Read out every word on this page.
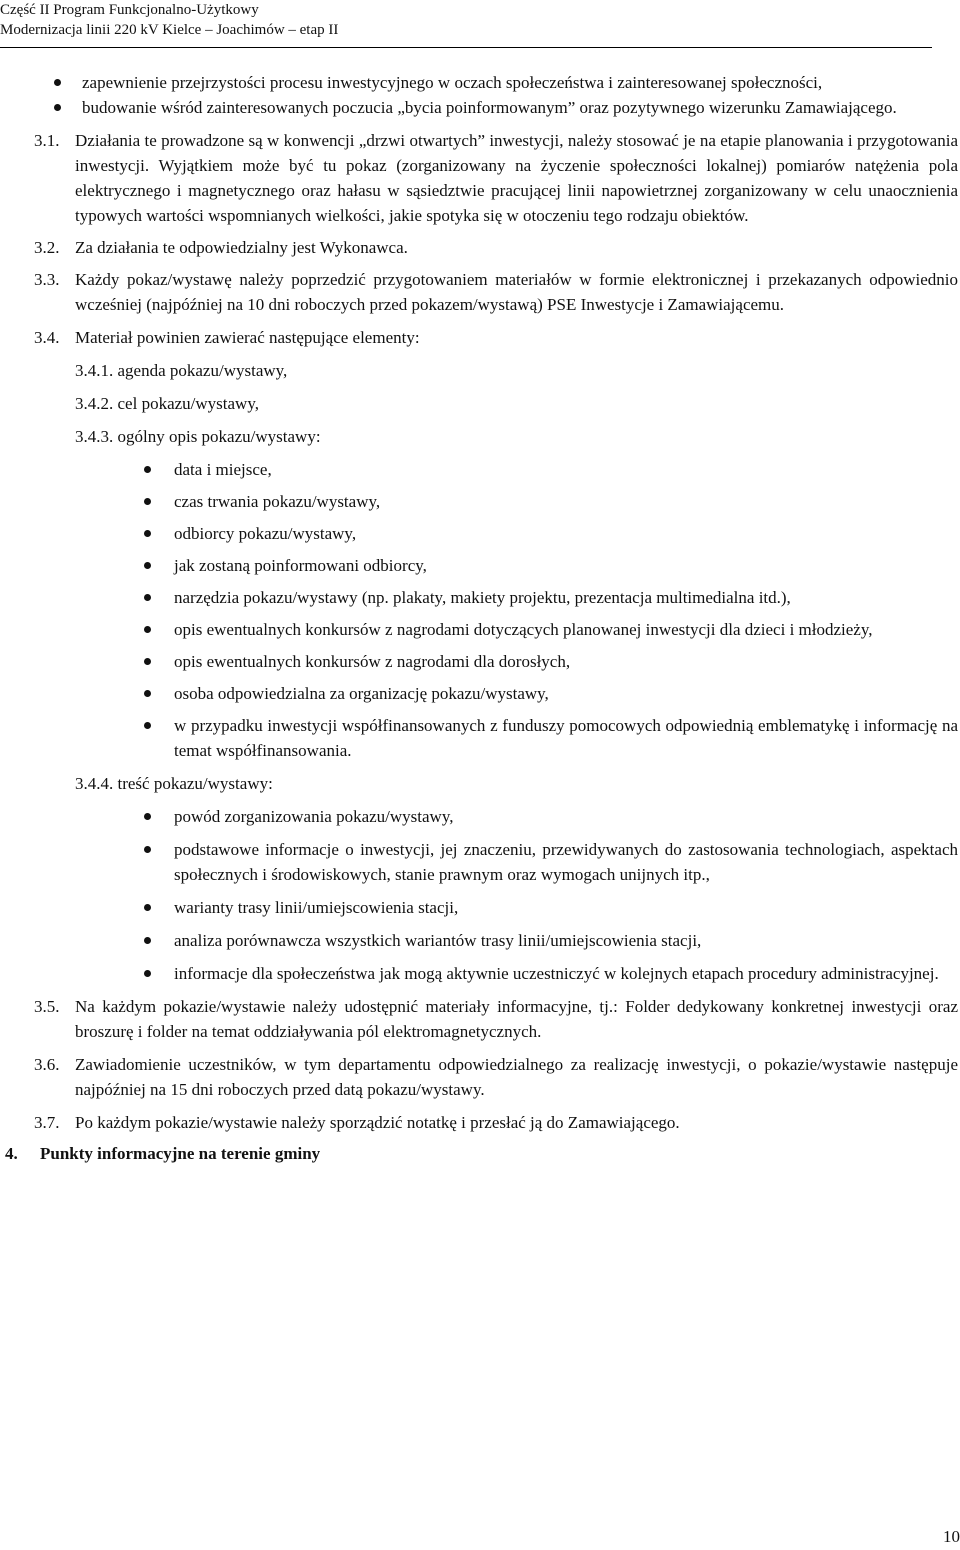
Część II Program Funkcjonalno-Użytkowy
Modernizacja linii 220 kV Kielce – Joachimów – etap II
zapewnienie przejrzystości procesu inwestycyjnego w oczach społeczeństwa i zainteresowanej społeczności,
budowanie wśród zainteresowanych poczucia „bycia poinformowanym” oraz pozytywnego wizerunku Zamawiającego.
3.1. Działania te prowadzone są w konwencji „drzwi otwartych” inwestycji, należy stosować je na etapie planowania i przygotowania inwestycji. Wyjątkiem może być tu pokaz (zorganizowany na życzenie społeczności lokalnej) pomiarów natężenia pola elektrycznego i magnetycznego oraz hałasu w sąsiedztwie pracującej linii napowietrznej zorganizowany w celu unaocznienia typowych wartości wspomnianych wielkości, jakie spotyka się w otoczeniu tego rodzaju obiektów.
3.2. Za działania te odpowiedzialny jest Wykonawca.
3.3. Każdy pokaz/wystawę należy poprzedzić przygotowaniem materiałów w formie elektronicznej i przekazanych odpowiednio wcześniej (najpóźniej na 10 dni roboczych przed pokazem/wystawą) PSE Inwestycje i Zamawiającemu.
3.4. Materiał powinien zawierać następujące elementy:
3.4.1. agenda pokazu/wystawy,
3.4.2. cel pokazu/wystawy,
3.4.3. ogólny opis pokazu/wystawy:
data i miejsce,
czas trwania pokazu/wystawy,
odbiorcy pokazu/wystawy,
jak zostaną poinformowani odbiorcy,
narzędzia pokazu/wystawy (np. plakaty, makiety projektu, prezentacja multimedialna itd.),
opis ewentualnych konkursów z nagrodami dotyczących planowanej inwestycji dla dzieci i młodzieży,
opis ewentualnych konkursów z nagrodami dla dorosłych,
osoba odpowiedzialna za organizację pokazu/wystawy,
w przypadku inwestycji współfinansowanych z funduszy pomocowych odpowiednią emblematykę i informację na temat współfinansowania.
3.4.4. treść pokazu/wystawy:
powód zorganizowania pokazu/wystawy,
podstawowe informacje o inwestycji, jej znaczeniu, przewidywanych do zastosowania technologiach, aspektach społecznych i środowiskowych, stanie prawnym oraz wymogach unijnych itp.,
warianty trasy linii/umiejscowienia stacji,
analiza porównawcza wszystkich wariantów trasy linii/umiejscowienia stacji,
informacje dla społeczeństwa jak mogą aktywnie uczestniczyć w kolejnych etapach procedury administracyjnej.
3.5. Na każdym pokazie/wystawie należy udostępnić materiały informacyjne, tj.: Folder dedykowany konkretnej inwestycji oraz broszurę i folder na temat oddziaływania pól elektromagnetycznych.
3.6. Zawiadomienie uczestników, w tym departamentu odpowiedzialnego za realizację inwestycji, o pokazie/wystawie następuje najpóźniej na 15 dni roboczych przed datą pokazu/wystawy.
3.7. Po każdym pokazie/wystawie należy sporządzić notatkę i przesłać ją do Zamawiającego.
4. Punkty informacyjne na terenie gminy
10
